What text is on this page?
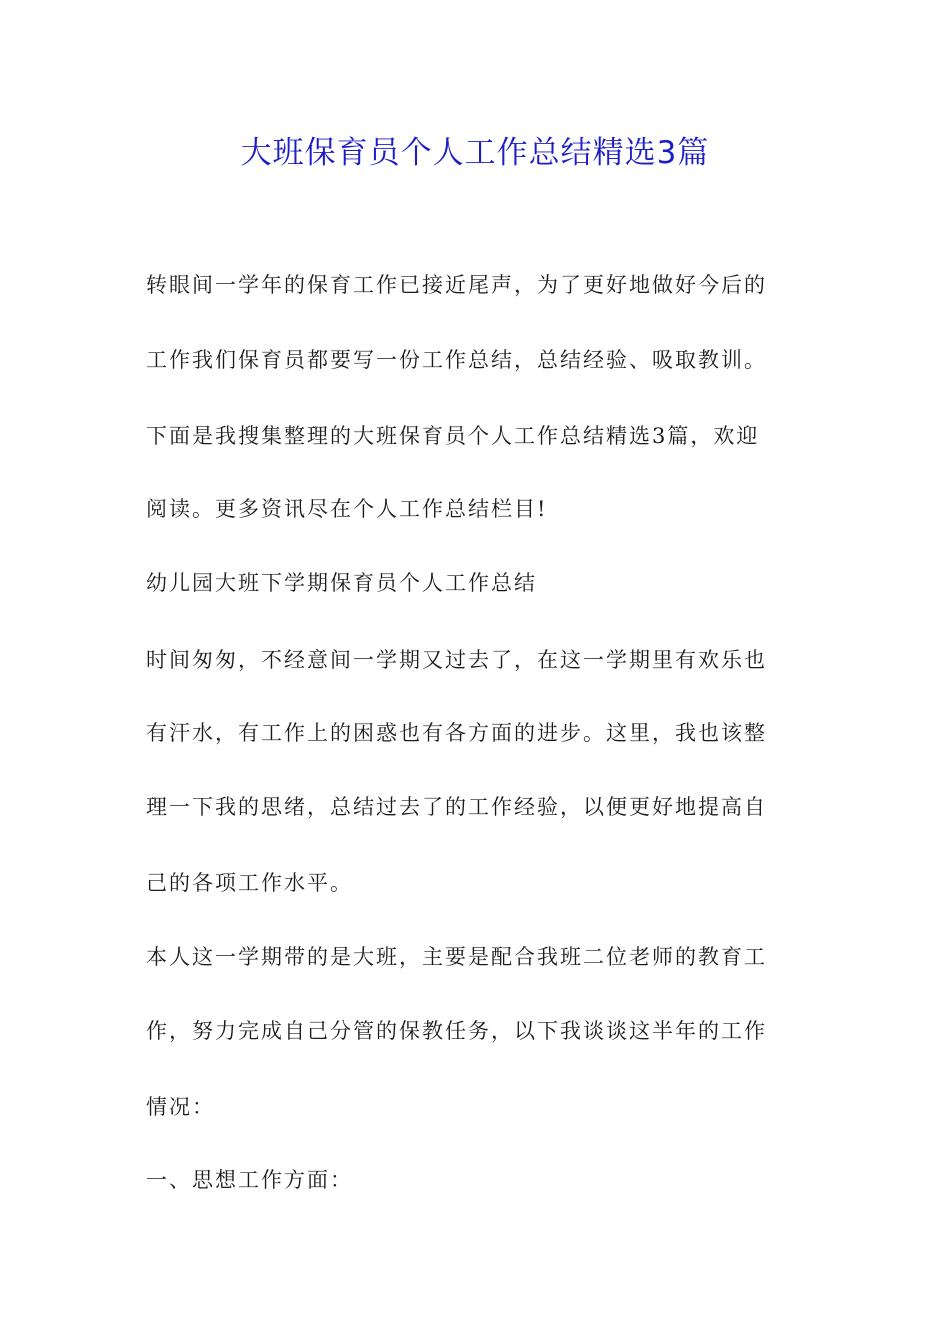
大班保育员个人工作总结精选3篇
转眼间一学年的保育工作已接近尾声，为了更好地做好今后的
工作我们保育员都要写一份工作总结，总结经验、吸取教训。
下面是我搜集整理的大班保育员个人工作总结精选3篇，欢迎
阅读。更多资讯尽在个人工作总结栏目!
幼儿园大班下学期保育员个人工作总结
时间匆匆，不经意间一学期又过去了，在这一学期里有欢乐也
有汗水，有工作上的困惑也有各方面的进步。这里，我也该整
理一下我的思绪，总结过去了的工作经验，以便更好地提高自
己的各项工作水平。
本人这一学期带的是大班，主要是配合我班二位老师的教育工
作，努力完成自己分管的保教任务，以下我谈谈这半年的工作
情况：
一、思想工作方面：
